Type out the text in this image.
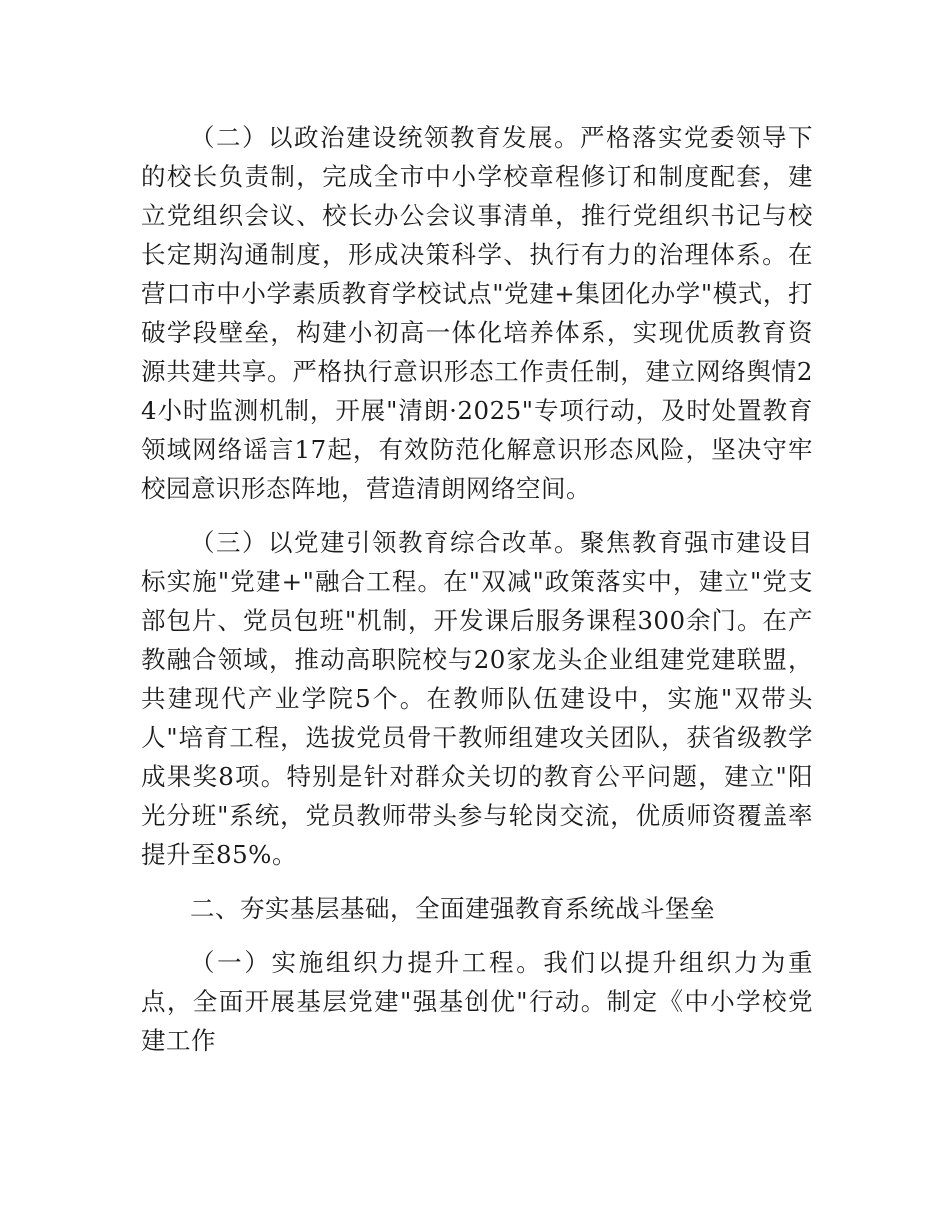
（二）以政治建设统领教育发展。严格落实党委领导下的校长负责制，完成全市中小学校章程修订和制度配套，建立党组织会议、校长办公会议事清单，推行党组织书记与校长定期沟通制度，形成决策科学、执行有力的治理体系。在营口市中小学素质教育学校试点"党建+集团化办学"模式，打破学段壁垒，构建小初高一体化培养体系，实现优质教育资源共建共享。严格执行意识形态工作责任制，建立网络舆情24小时监测机制，开展"清朗·2025"专项行动，及时处置教育领域网络谣言17起，有效防范化解意识形态风险，坚决守牢校园意识形态阵地，营造清朗网络空间。

（三）以党建引领教育综合改革。聚焦教育强市建设目标实施"党建+"融合工程。在"双减"政策落实中，建立"党支部包片、党员包班"机制，开发课后服务课程300余门。在产教融合领域，推动高职院校与20家龙头企业组建党建联盟，共建现代产业学院5个。在教师队伍建设中，实施"双带头人"培育工程，选拔党员骨干教师组建攻关团队，获省级教学成果奖8项。特别是针对群众关切的教育公平问题，建立"阳光分班"系统，党员教师带头参与轮岗交流，优质师资覆盖率提升至85%。

二、夯实基层基础，全面建强教育系统战斗堡垒

（一）实施组织力提升工程。我们以提升组织力为重点，全面开展基层党建"强基创优"行动。制定《中小学校党建工作
